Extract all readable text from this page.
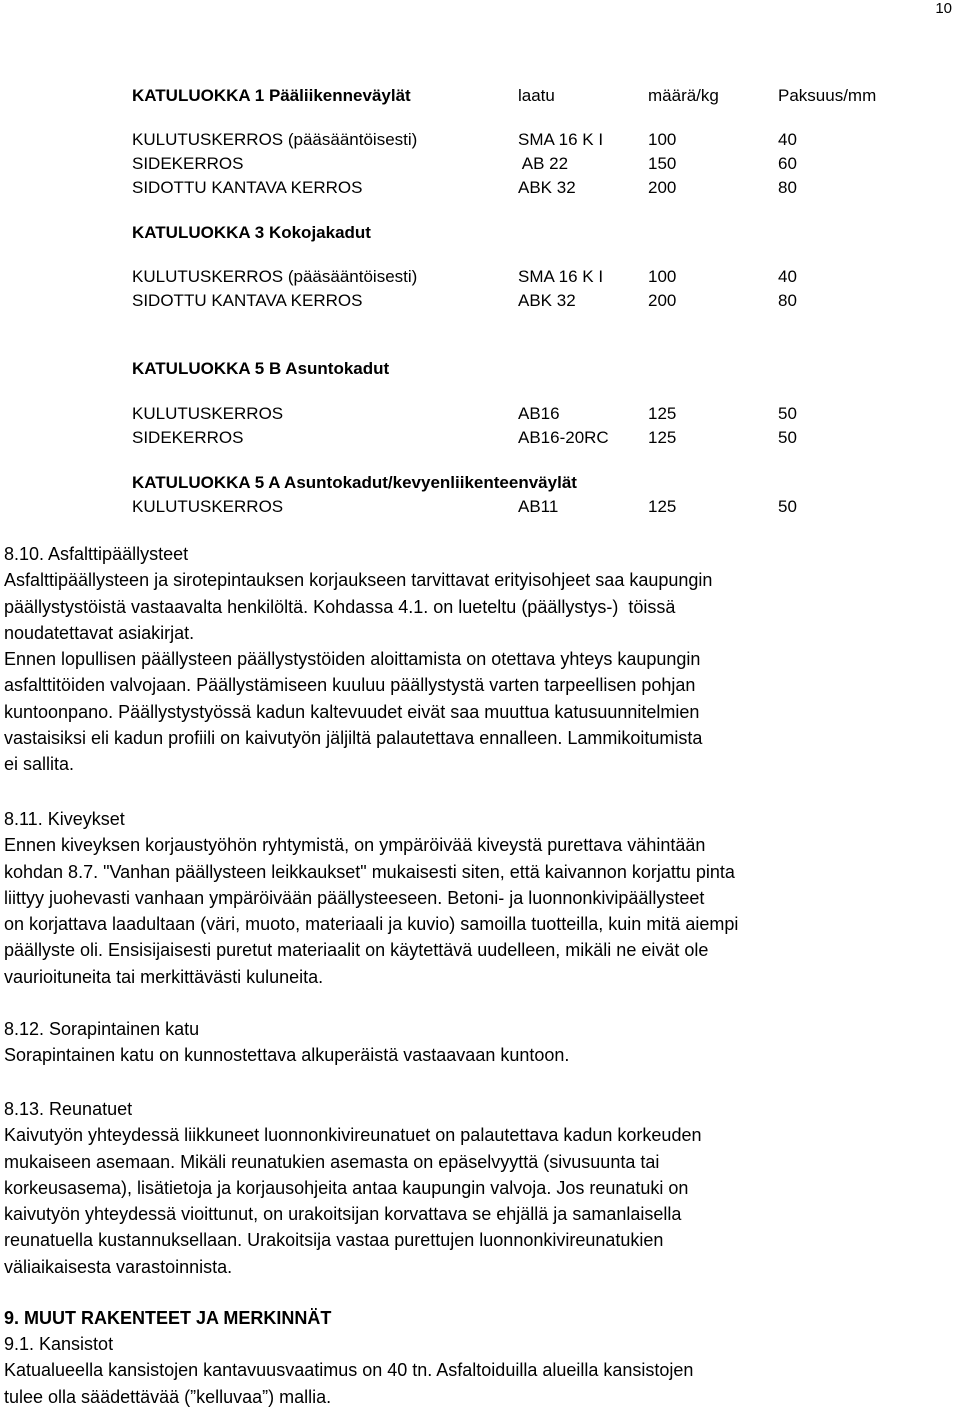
10
KATULUOKKA 1 Pääliikenneväylät	laatu	määrä/kg	Paksuus/mm
KULUTUSKERROS (pääsääntöisesti)	SMA 16 K I	100	40
SIDEKERROS	AB 22	150	60
SIDOTTU KANTAVA KERROS	ABK 32	200	80
KATULUOKKA 3 Kokojakadut
KULUTUSKERROS (pääsääntöisesti)	SMA 16 K I	100	40
SIDOTTU KANTAVA KERROS	ABK 32	200	80
KATULUOKKA 5 B Asuntokadut
KULUTUSKERROS	AB16	125	50
SIDEKERROS	AB16-20RC 125	50
KATULUOKKA 5 A Asuntokadut/kevyenliikenteenväylät
KULUTUSKERROS	AB11	125	50
8.10. Asfalttipäällysteet
Asfalttipäällysteen ja sirotepintauksen korjaukseen tarvittavat erityisohjeet saa kaupungin
päällystystöistä vastaavalta henkilöltä. Kohdassa 4.1. on lueteltu (päällystys-)  töissä
noudatettavat asiakirjat.
Ennen lopullisen päällysteen päällystystöiden aloittamista on otettava yhteys kaupungin
asfalttitöiden valvojaan. Päällystämiseen kuuluu päällystystä varten tarpeellisen pohjan
kuntoonpano. Päällystystyössä kadun kaltevuudet eivät saa muuttua katusuunnitelmien
vastaisiksi eli kadun profiili on kaivutyön jäljiltä palautettava ennalleen. Lammikoitumista
ei sallita.
8.11. Kiveykset
Ennen kiveyksen korjaustyöhön ryhtymistä, on ympäröivää kiveystä purettava vähintään
kohdan 8.7. "Vanhan päällysteen leikkaukset" mukaisesti siten, että kaivannon korjattu pinta
liittyy juohevasti vanhaan ympäröivään päällysteeseen. Betoni- ja luonnonkivipäällysteet
on korjattava laadultaan (väri, muoto, materiaali ja kuvio) samoilla tuotteilla, kuin mitä aiempi
päällyste oli. Ensisijaisesti puretut materiaalit on käytettävä uudelleen, mikäli ne eivät ole
vaurioituneita tai merkittävästi kuluneita.
8.12. Sorapintainen katu
Sorapintainen katu on kunnostettava alkuperäistä vastaavaan kuntoon.
8.13. Reunatuet
Kaivutyön yhteydessä liikkuneet luonnonkivireunatuet on palautettava kadun korkeuden
mukaiseen asemaan. Mikäli reunatukien asemasta on epäselvyyttä (sivusuunta tai
korkeusasema), lisätietoja ja korjausohjeita antaa kaupungin valvoja. Jos reunatuki on
kaivutyön yhteydessä vioittunut, on urakoitsijan korvattava se ehjällä ja samanlaisella
reunatuella kustannuksellaan. Urakoitsija vastaa purettujen luonnonkivireunatukien
väliaikaisesta varastoinnista.
9. MUUT RAKENTEET JA MERKINNÄT
9.1. Kansistot
Katualueella kansistojen kantavuusvaatimus on 40 tn. Asfaltoiduilla alueilla kansistojen
tulee olla säädettävää (”kelluvaa”) mallia.
